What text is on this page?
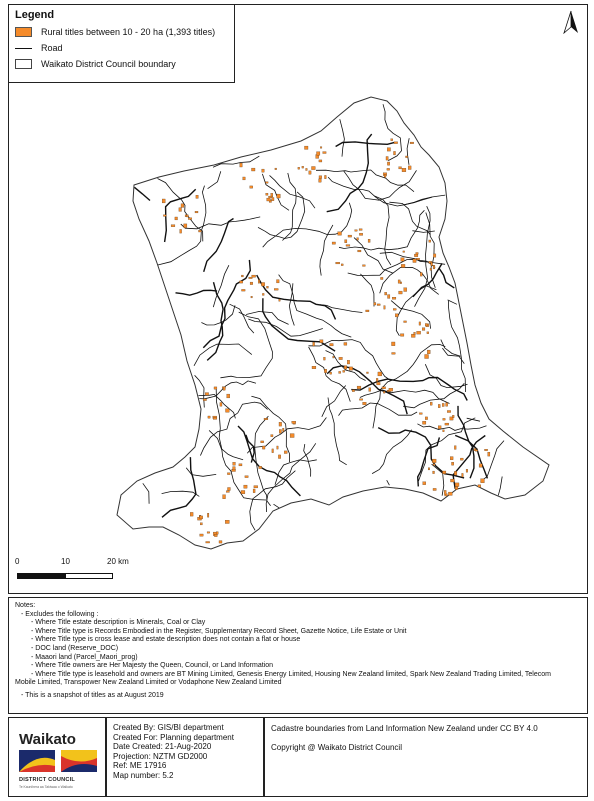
Legend
Rural titles between 10 - 20 ha (1,393 titles)
Road
Waikato District Council boundary
0	10	20 km
Notes:
- Excludes the following :
- Where Title estate description is Minerals, Coal or Clay
- Where Title type is Records Embodied in the Register, Supplementary Record Sheet, Gazette Notice, Life Estate or Unit
- Where Title type is cross lease and estate description does not contain a flat or house
- DOC land (Reserve_DOC)
- Maaori land (Parcel_Maori_prog)
- Where Title owners are Her Majesty the Queen, Council, or Land Information
- Where Title type is leasehold and owners are BT Mining Limited, Genesis Energy Limited, Housing New Zealand limited, Spark New Zealand Trading Limited, Telecom
Mobile Limited, Transpower New Zealand Limited or Vodaphone New Zealand Limited
- This is a snapshot of titles as at August 2019
Waikato
DISTRICT COUNCIL
Te Kaunihera aa Takiwaa o Waikato
Created By: GIS/BI department
Created For: Planning department
Date Created: 21-Aug-2020
Projection: NZTM GD2000
Ref: ME 17916
Map number: 5.2
Cadastre boundaries from Land Information New Zealand under CC BY 4.0
Copyright @ Waikato District Council
